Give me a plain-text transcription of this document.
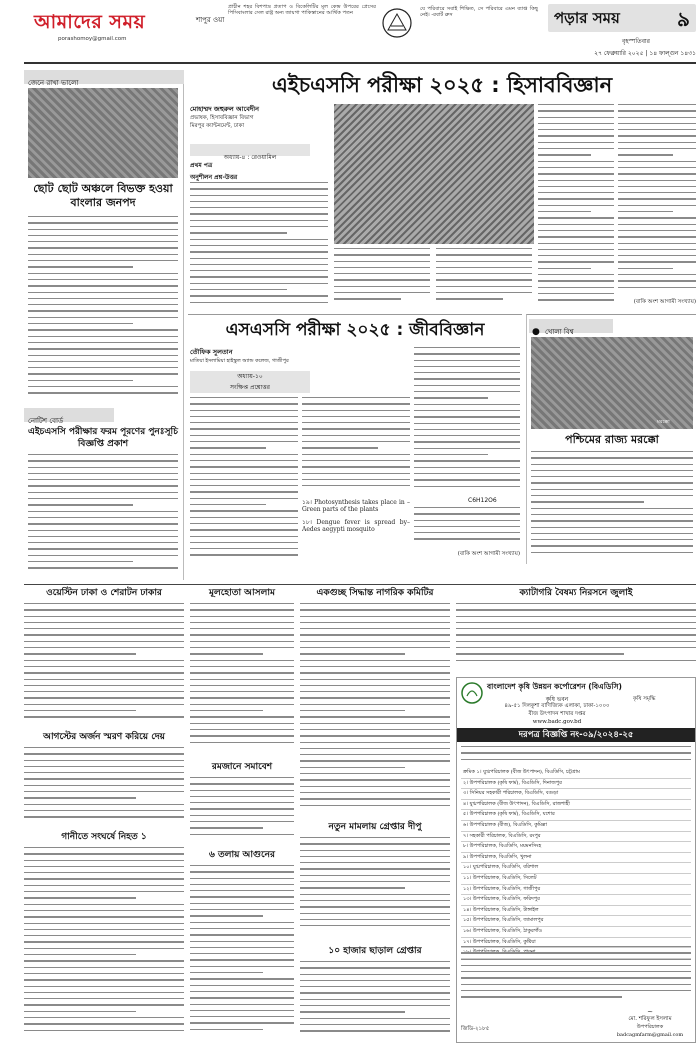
আমাদের সময়	শাপুর ওয়া
porashomoy@gmail.com
প্রাচীন শহর বিশপাদ্র প্রতাপ ও বিকেলিটির মূল কেন্দ্র উপরের প্রেসের পিসিবাংলার সেল রাষ্ট্র অন্য জায়গা পাকিস্তানের আর্থিক পতন
যে পরিবারে সবাই শিক্ষিত, সে পরিবারে এমন ব্যাপ্ত কিছু নেই। -রবার্ট ব্রুস	পড়ার সময়	৯
বৃহস্পতিবার
২৭ ফেব্রুয়ারি ২০২৫ | ১৪ ফাল্গুন ১৪৩১
জেনে রাখা ভালো
ছোট ছোট অঞ্চলে বিভক্ত হওয়া বাংলার জনপদ
নোটিশ বোর্ড
এইচএসসি পরীক্ষার ফরম পূরণের পুনঃসূচি বিজ্ঞপ্তি প্রকাশ
এইচএসসি পরীক্ষা ২০২৫ : হিসাববিজ্ঞান
মোহাম্মদ জহুরুল আবেদীন
প্রভাষক, হিসাববিজ্ঞান বিভাগ
মিরপুর ক্যান্টনমেন্ট, ঢাকা
অধ্যায়-৪ : রেওয়ামিল
প্রথম পত্র
অনুশীলন প্রশ্ন-উত্তর
(বাকি অংশ আগামী সংখ্যায়)
এসএসসি পরীক্ষা ২০২৫ : জীববিজ্ঞান
তৌফিক সুলতান
মাতিয়া ইসলামিয়া হাইস্কুল অ্যান্ড কলেজ, গাজীপুর
অধ্যায়-১০
সংক্ষিপ্ত প্রশ্নোত্তর
১৯। Photosynthesis takes place in – Green parts of the plants
১৮। Dengue fever is spread by– Aedes aegypti mosquito
C6H12O6
(বাকি অংশ আগামী সংখ্যায়)
● খোলা বিশ্ব
মরক্কো
পশ্চিমের রাজ্য মরক্কো
ওয়েস্টিন ঢাকা ও শেরাটন ঢাকার	মূলহোতা আসলাম	একগুচ্ছ সিদ্ধান্ত নাগরিক কমিটির	ক্যাটাগরি বৈষম্য নিরসনে জুলাই
রমজানে সমাবেশ
আগস্টের অর্জন স্মরণ করিয়ে দেয়
৬ তলায় আগুনের
নতুন মামলায় গ্রেপ্তার দীপু
গানীতে সংঘর্ষে নিহত ১
১০ হাজার ছাড়াল গ্রেপ্তার
বাংলাদেশ কৃষি উন্নয়ন কর্পোরেশন (বিএডিসি)
কৃষি ভবন	কৃষি সমৃদ্ধি
৪৯-৫১ দিলকুশা বাণিজ্যিক এলাকা, ঢাকা-১০০০
বীজ উৎপাদন শাখার দপ্তর
www.badc.gov.bd
দরপত্র বিজ্ঞপ্তি নং-০৯/২০২৪-২৫
ক্রমিক ১। যুগ্মপরিচালক (বীজ উৎপাদন), বিএডিসি, চট্টগ্রাম
২। উপপরিচালক (কৃষি ফার্ম), বিএডিসি, দিনাজপুর
৩। সিনিয়র সহকারী পরিচালক, বিএডিসি, বগুড়া
৪। যুগ্মপরিচালক (বীজ উৎপাদন), বিএডিসি, রাজশাহী
৫। উপপরিচালক (কৃষি ফার্ম), বিএডিসি, যশোর
৬। উপপরিচালক (বীজ), বিএডিসি, কুমিল্লা
৭। সহকারী পরিচালক, বিএডিসি, রংপুর
৮। উপপরিচালক, বিএডিসি, ময়মনসিংহ
৯। উপপরিচালক, বিএডিসি, খুলনা
১০। যুগ্মপরিচালক, বিএডিসি, বরিশাল
১১। উপপরিচালক, বিএডিসি, সিলেট
১২। উপপরিচালক, বিএডিসি, গাজীপুর
১৩। উপপরিচালক, বিএডিসি, ফরিদপুর
১৪। উপপরিচালক, বিএডিসি, টাঙ্গাইল
১৫। উপপরিচালক, বিএডিসি, জামালপুর
১৬। উপপরিচালক, বিএডিসি, ঠাকুরগাঁও
১৭। উপপরিচালক, বিএডিসি, কুষ্টিয়া
জিডি-২১৮৫
~
মো. শরিফুল ইসলাম
উপপরিচালক
badcagmfarm@gmail.com
